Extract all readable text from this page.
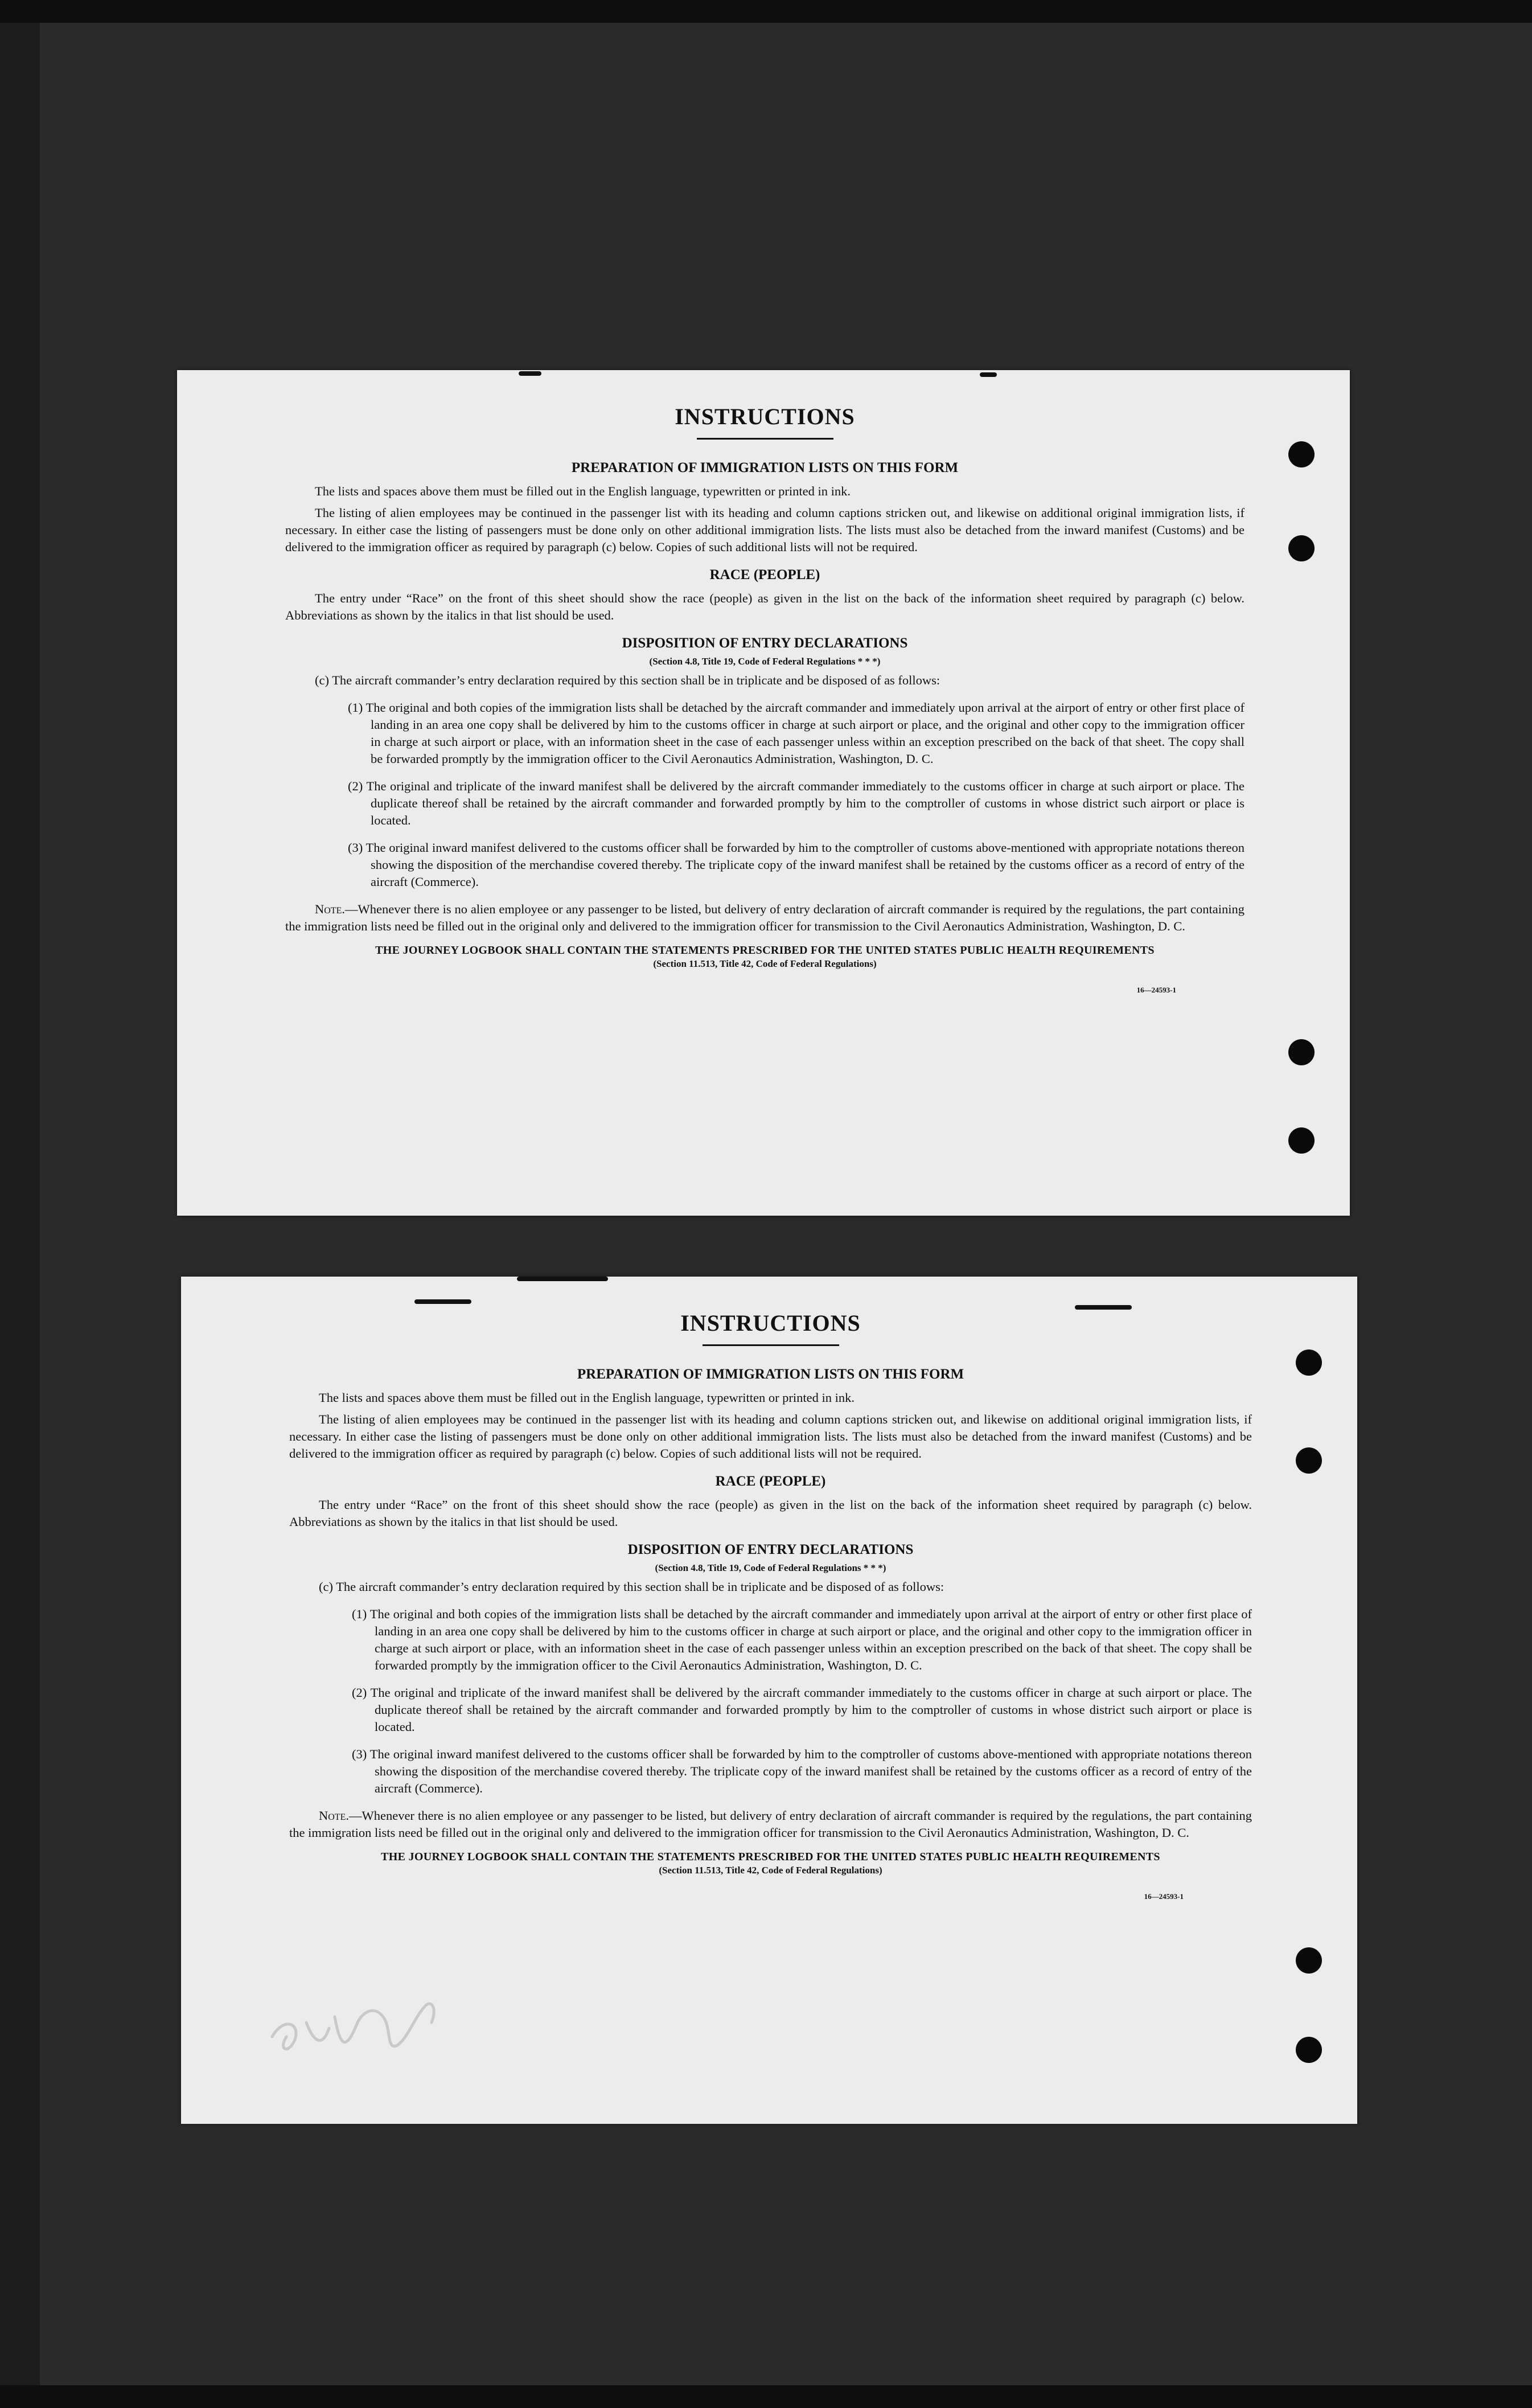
INSTRUCTIONS
PREPARATION OF IMMIGRATION LISTS ON THIS FORM

The lists and spaces above them must be filled out in the English language, typewritten or printed in ink.

The listing of alien employees may be continued in the passenger list with its heading and column captions stricken out, and likewise on additional original immigration lists, if necessary. In either case the listing of passengers must be done only on other additional immigration lists. The lists must also be detached from the inward manifest (Customs) and be delivered to the immigration officer as required by paragraph (c) below. Copies of such additional lists will not be required.

RACE (PEOPLE)

The entry under “Race” on the front of this sheet should show the race (people) as given in the list on the back of the information sheet required by paragraph (c) below. Abbreviations as shown by the italics in that list should be used.

DISPOSITION OF ENTRY DECLARATIONS
(Section 4.8, Title 19, Code of Federal Regulations * * *)

(c) The aircraft commander’s entry declaration required by this section shall be in triplicate and be disposed of as follows:

(1) The original and both copies of the immigration lists shall be detached by the aircraft commander and immediately upon arrival at the airport of entry or other first place of landing in an area one copy shall be delivered by him to the customs officer in charge at such airport or place, and the original and other copy to the immigration officer in charge at such airport or place, with an information sheet in the case of each passenger unless within an exception prescribed on the back of that sheet. The copy shall be forwarded promptly by the immigration officer to the Civil Aeronautics Administration, Washington, D. C.

(2) The original and triplicate of the inward manifest shall be delivered by the aircraft commander immediately to the customs officer in charge at such airport or place. The duplicate thereof shall be retained by the aircraft commander and forwarded promptly by him to the comptroller of customs in whose district such airport or place is located.

(3) The original inward manifest delivered to the customs officer shall be forwarded by him to the comptroller of customs above-mentioned with appropriate notations thereon showing the disposition of the merchandise covered thereby. The triplicate copy of the inward manifest shall be retained by the customs officer as a record of entry of the aircraft (Commerce).

Note.—Whenever there is no alien employee or any passenger to be listed, but delivery of entry declaration of aircraft commander is required by the regulations, the part containing the immigration lists need be filled out in the original only and delivered to the immigration officer for transmission to the Civil Aeronautics Administration, Washington, D. C.

THE JOURNEY LOGBOOK SHALL CONTAIN THE STATEMENTS PRESCRIBED FOR THE UNITED STATES PUBLIC HEALTH REQUIREMENTS
(Section 11.513, Title 42, Code of Federal Regulations)
16—24593-1
INSTRUCTIONS
PREPARATION OF IMMIGRATION LISTS ON THIS FORM

The lists and spaces above them must be filled out in the English language, typewritten or printed in ink.

The listing of alien employees may be continued in the passenger list with its heading and column captions stricken out, and likewise on additional original immigration lists, if necessary. In either case the listing of passengers must be done only on other additional immigration lists. The lists must also be detached from the inward manifest (Customs) and be delivered to the immigration officer as required by paragraph (c) below. Copies of such additional lists will not be required.

RACE (PEOPLE)

The entry under “Race” on the front of this sheet should show the race (people) as given in the list on the back of the information sheet required by paragraph (c) below. Abbreviations as shown by the italics in that list should be used.

DISPOSITION OF ENTRY DECLARATIONS
(Section 4.8, Title 19, Code of Federal Regulations * * *)

(c) The aircraft commander’s entry declaration required by this section shall be in triplicate and be disposed of as follows:

(1) The original and both copies of the immigration lists shall be detached by the aircraft commander and immediately upon arrival at the airport of entry or other first place of landing in an area one copy shall be delivered by him to the customs officer in charge at such airport or place, and the original and other copy to the immigration officer in charge at such airport or place, with an information sheet in the case of each passenger unless within an exception prescribed on the back of that sheet. The copy shall be forwarded promptly by the immigration officer to the Civil Aeronautics Administration, Washington, D. C.

(2) The original and triplicate of the inward manifest shall be delivered by the aircraft commander immediately to the customs officer in charge at such airport or place. The duplicate thereof shall be retained by the aircraft commander and forwarded promptly by him to the comptroller of customs in whose district such airport or place is located.

(3) The original inward manifest delivered to the customs officer shall be forwarded by him to the comptroller of customs above-mentioned with appropriate notations thereon showing the disposition of the merchandise covered thereby. The triplicate copy of the inward manifest shall be retained by the customs officer as a record of entry of the aircraft (Commerce).

Note.—Whenever there is no alien employee or any passenger to be listed, but delivery of entry declaration of aircraft commander is required by the regulations, the part containing the immigration lists need be filled out in the original only and delivered to the immigration officer for transmission to the Civil Aeronautics Administration, Washington, D. C.

THE JOURNEY LOGBOOK SHALL CONTAIN THE STATEMENTS PRESCRIBED FOR THE UNITED STATES PUBLIC HEALTH REQUIREMENTS
(Section 11.513, Title 42, Code of Federal Regulations)
16—24593-1
